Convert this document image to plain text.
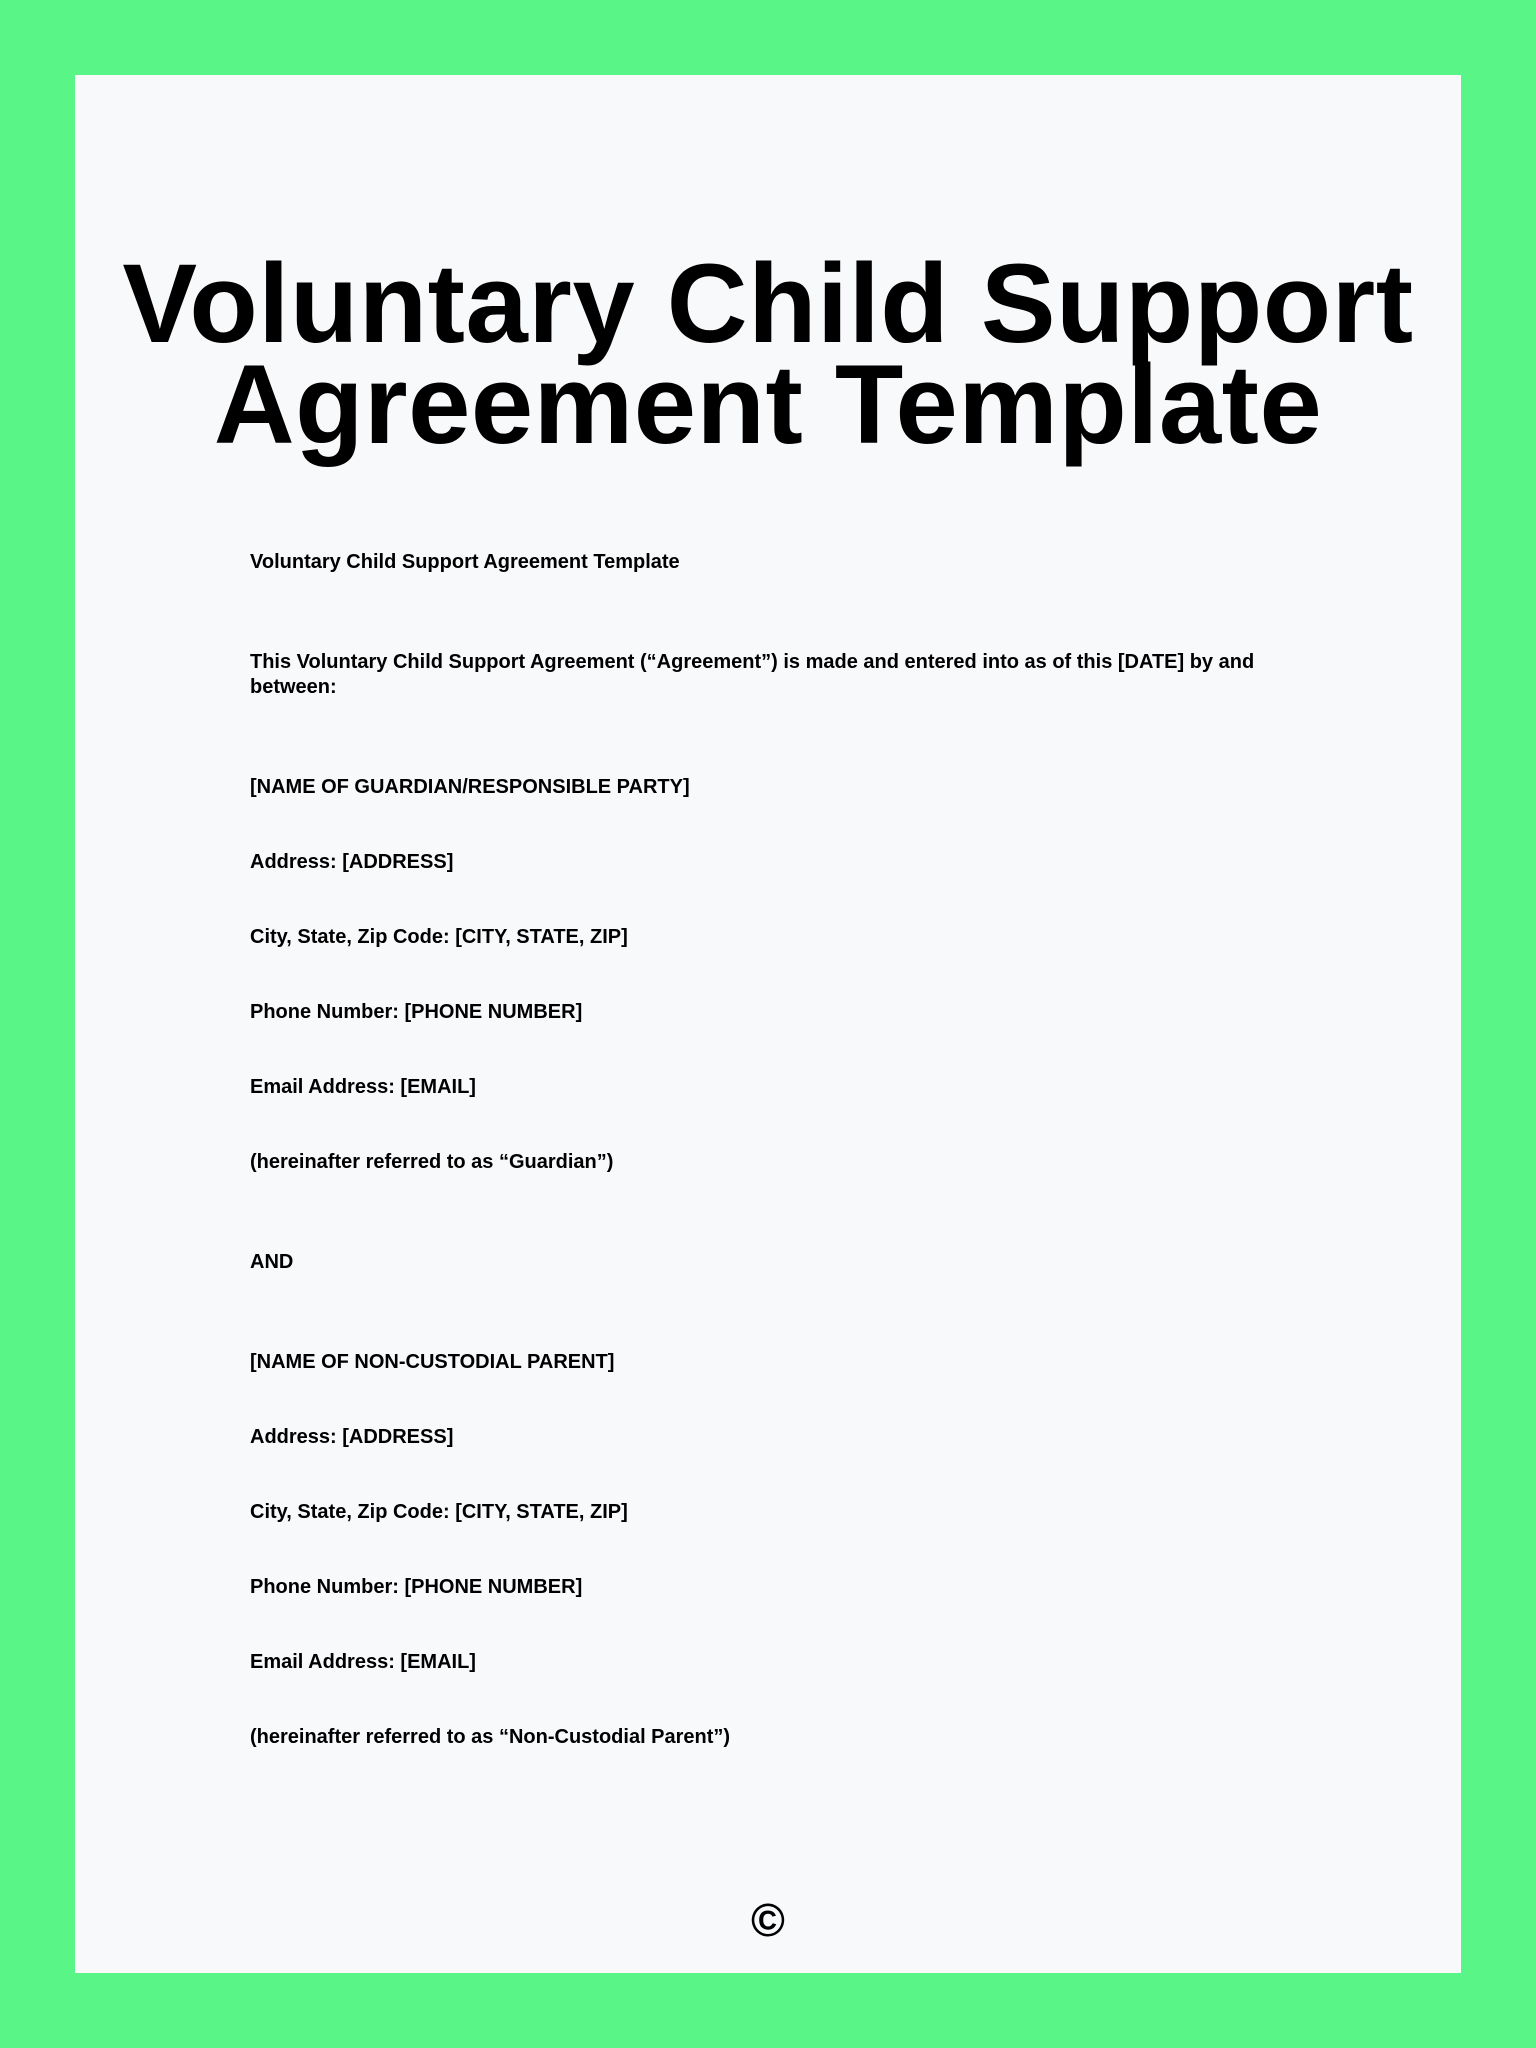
Voluntary Child Support
Agreement Template

Voluntary Child Support Agreement Template

This Voluntary Child Support Agreement (“Agreement”) is made and entered into as of this [DATE] by and between:

[NAME OF GUARDIAN/RESPONSIBLE PARTY]

Address: [ADDRESS]

City, State, Zip Code: [CITY, STATE, ZIP]

Phone Number: [PHONE NUMBER]

Email Address: [EMAIL]

(hereinafter referred to as “Guardian”)

AND

[NAME OF NON-CUSTODIAL PARENT]

Address: [ADDRESS]

City, State, Zip Code: [CITY, STATE, ZIP]

Phone Number: [PHONE NUMBER]

Email Address: [EMAIL]

(hereinafter referred to as “Non-Custodial Parent”)

©
